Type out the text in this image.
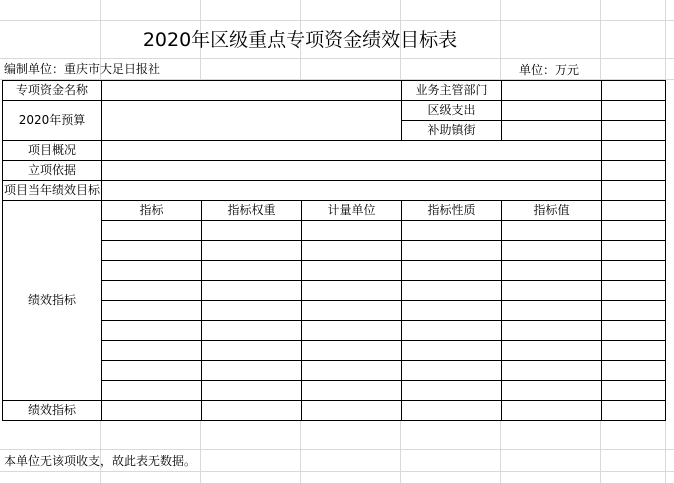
2020年区级重点专项资金绩效目标表
编制单位：重庆市大足日报社	单位：万元
专项资金名称				业务主管部门		
2020年预算				区级支出		
				补助镇街		
项目概况						
立项依据						
项目当年绩效目标						
绩效指标	指标	指标权重	计量单位	指标性质	指标值	

绩效指标						
本单位无该项收支，故此表无数据。
